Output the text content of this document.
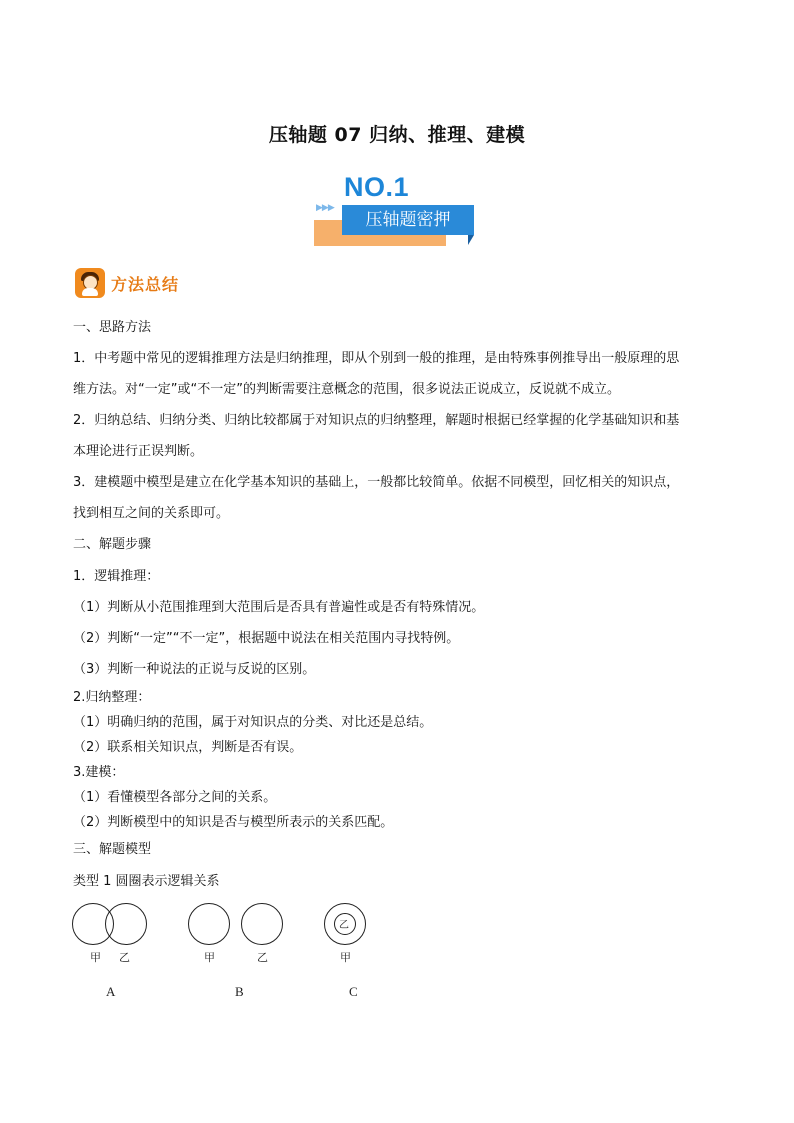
压轴题 07 归纳、推理、建模
压轴题密押
NO.1
▶▶▶
方法总结
一、思路方法
1．中考题中常见的逻辑推理方法是归纳推理，即从个别到一般的推理，是由特殊事例推导出一般原理的思
维方法。对“一定”或“不一定”的判断需要注意概念的范围，很多说法正说成立，反说就不成立。
2．归纳总结、归纳分类、归纳比较都属于对知识点的归纳整理，解题时根据已经掌握的化学基础知识和基
本理论进行正误判断。
3．建模题中模型是建立在化学基本知识的基础上，一般都比较简单。依据不同模型，回忆相关的知识点，
找到相互之间的关系即可。
二、解题步骤
1．逻辑推理：
（1）判断从小范围推理到大范围后是否具有普遍性或是否有特殊情况。
（2）判断“一定”“不一定”，根据题中说法在相关范围内寻找特例。
（3）判断一种说法的正说与反说的区别。
2.归纳整理：
（1）明确归纳的范围，属于对知识点的分类、对比还是总结。
（2）联系相关知识点，判断是否有误。
3.建模：
（1）看懂模型各部分之间的关系。
（2）判断模型中的知识是否与模型所表示的关系匹配。
三、解题模型
类型 1 圆圈表示逻辑关系
甲 乙
A
甲	乙
B
乙
甲
C
